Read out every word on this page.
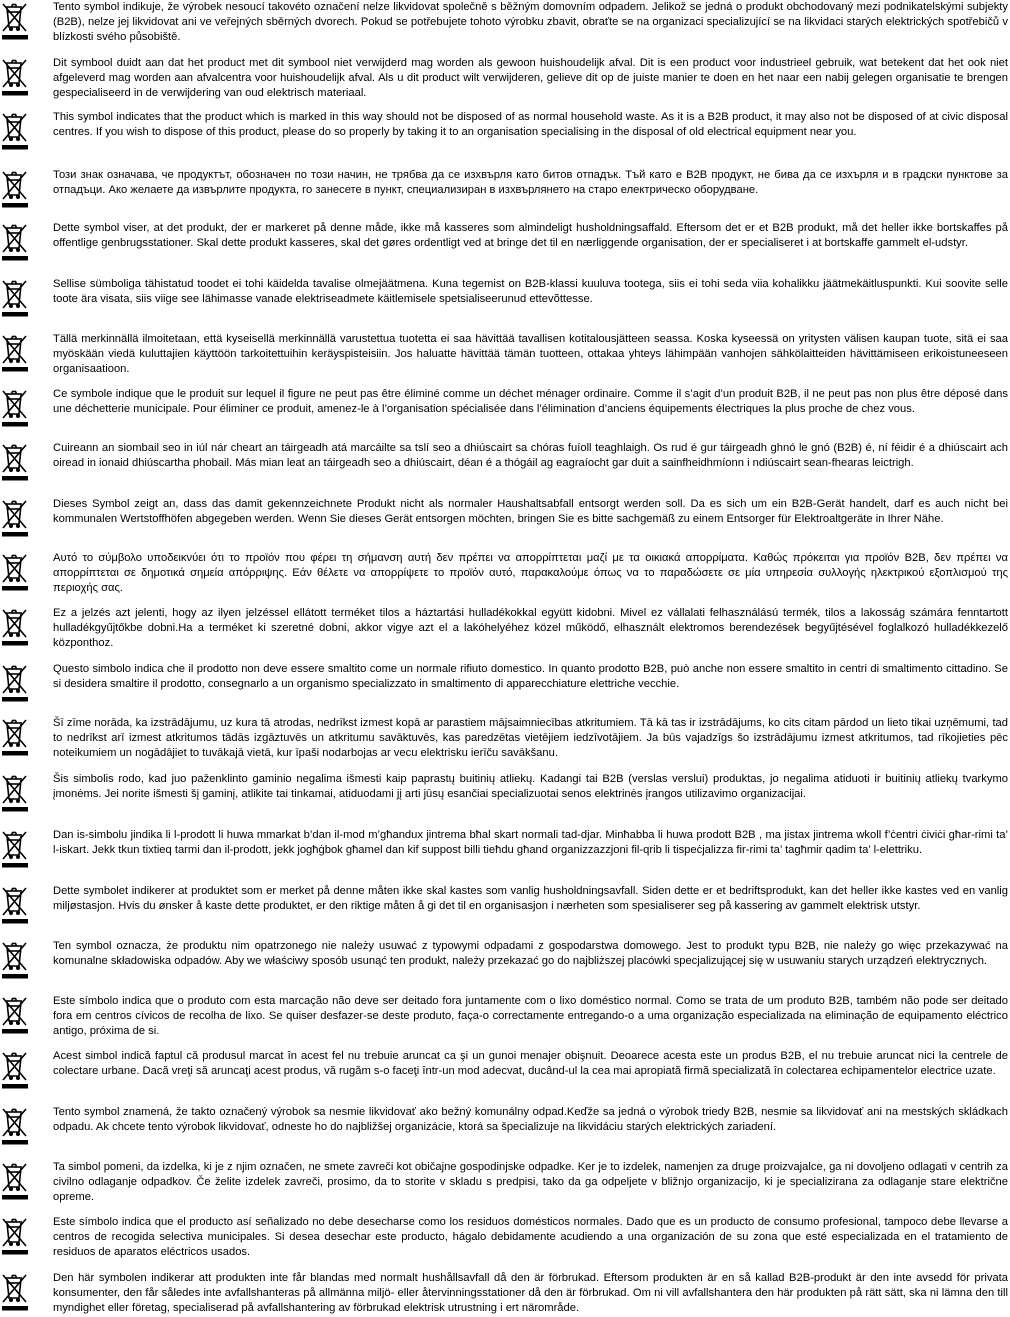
Tento symbol indikuje, že výrobek nesoucí takovéto označení nelze likvidovat společně s běžným domovním odpadem. Jelikož se jedná o produkt obchodovaný mezi podnikatelskými subjekty (B2B), nelze jej likvidovat ani ve veřejných sběrných dvorech. Pokud se potřebujete tohoto výrobku zbavit, obraťte se na organizaci specializující se na likvidaci starých elektrických spotřebičů v blízkosti svého působiště.

Dit symbool duidt aan dat het product met dit symbool niet verwijderd mag worden als gewoon huishoudelijk afval. Dit is een product voor industrieel gebruik, wat betekent dat het ook niet afgeleverd mag worden aan afvalcentra voor huishoudelijk afval. Als u dit product wilt verwijderen, gelieve dit op de juiste manier te doen en het naar een nabij gelegen organisatie te brengen gespecialiseerd in de verwijdering van oud elektrisch materiaal.

This symbol indicates that the product which is marked in this way should not be disposed of as normal household waste. As it is a B2B product, it may also not be disposed of at civic disposal centres. If you wish to dispose of this product, please do so properly by taking it to an organisation specialising in the disposal of old electrical equipment near you.

Този знак означава, че продуктът, обозначен по този начин, не трябва да се изхвърля като битов отпадък. Тъй като е B2B продукт, не бива да се изхърля и в градски пунктове за отпадъци. Ако желаете да извърлите продукта, го занесете в пункт, специализиран в изхвърлянето на старо електрическо оборудване.

Dette symbol viser, at det produkt, der er markeret på denne måde, ikke må kasseres som almindeligt husholdningsaffald. Eftersom det er et B2B produkt, må det heller ikke bortskaffes på offentlige genbrugsstationer. Skal dette produkt kasseres, skal det gøres ordentligt ved at bringe det til en nærliggende organisation, der er specialiseret i at bortskaffe gammelt el-udstyr.

Sellise sümboliga tähistatud toodet ei tohi käidelda tavalise olmejäätmena. Kuna tegemist on B2B-klassi kuuluva tootega, siis ei tohi seda viia kohalikku jäätmekäitluspunkti. Kui soovite selle toote ära visata, siis viige see lähimasse vanade elektriseadmete käitlemisele spetsialiseerunud ettevõttesse.

Tällä merkinnällä ilmoitetaan, että kyseisellä merkinnällä varustettua tuotetta ei saa hävittää tavallisen kotitalousjätteen seassa. Koska kyseessä on yritysten välisen kaupan tuote, sitä ei saa myöskään viedä kuluttajien käyttöön tarkoitettuihin keräyspisteisiin. Jos haluatte hävittää tämän tuotteen, ottakaa yhteys lähimpään vanhojen sähkölaitteiden hävittämiseen erikoistuneeseen organisaatioon.

Ce symbole indique que le produit sur lequel il figure ne peut pas être éliminé comme un déchet ménager ordinaire. Comme il s’agit d’un produit B2B, il ne peut pas non plus être déposé dans une déchetterie municipale. Pour éliminer ce produit, amenez-le à l’organisation spécialisée dans l’élimination d’anciens équipements électriques la plus proche de chez vous.

Cuireann an siombail seo in iúl nár cheart an táirgeadh atá marcáilte sa tslí seo a dhiúscairt sa chóras fuíoll teaghlaigh. Os rud é gur táirgeadh ghnó le gnó (B2B) é, ní féidir é a dhiúscairt ach oiread in ionaid dhiúscartha phobail. Más mian leat an táirgeadh seo a dhiúscairt, déan é a thógáil ag eagraíocht gar duit a sainfheidhmíonn i ndiúscairt sean-fhearas leictrigh.

Dieses Symbol zeigt an, dass das damit gekennzeichnete Produkt nicht als normaler Haushaltsabfall entsorgt werden soll. Da es sich um ein B2B-Gerät handelt, darf es auch nicht bei kommunalen Wertstoffhöfen abgegeben werden. Wenn Sie dieses Gerät entsorgen möchten, bringen Sie es bitte sachgemäß zu einem Entsorger für Elektroaltgeräte in Ihrer Nähe.

Αυτό το σύμβολο υποδεικνύει ότι το προϊόν που φέρει τη σήμανση αυτή δεν πρέπει να απορρίπτεται μαζί με τα οικιακά απορρίματα. Καθώς πρόκειται για προϊόν B2B, δεν πρέπει να απορρίπτεται σε δημοτικά σημεία απόρριψης. Εάν θέλετε να απορρίψετε το προϊόν αυτό, παρακαλούμε όπως να το παραδώσετε σε μία υπηρεσία συλλογής ηλεκτρικού εξοπλισμού της περιοχής σας.

Ez a jelzés azt jelenti, hogy az ilyen jelzéssel ellátott terméket tilos a háztartási hulladékokkal együtt kidobni. Mivel ez vállalati felhasználású termék, tilos a lakosság számára fenntartott hulladékgyűjtőkbe dobni.Ha a terméket ki szeretné dobni, akkor vigye azt el a lakóhelyéhez közel működő, elhasznált elektromos berendezések begyűjtésével foglalkozó hulladékkezelő központhoz.

Questo simbolo indica che il prodotto non deve essere smaltito come un normale rifiuto domestico. In quanto prodotto B2B, può anche non essere smaltito in centri di smaltimento cittadino. Se si desidera smaltire il prodotto, consegnarlo a un organismo specializzato in smaltimento di apparecchiature elettriche vecchie.

Šī zīme norāda, ka izstrādājumu, uz kura tā atrodas, nedrīkst izmest kopā ar parastiem mājsaimniecības atkritumiem. Tā kā tas ir izstrādājums, ko cits citam pārdod un lieto tikai uzņēmumi, tad to nedrīkst arī izmest atkritumos tādās izgāztuvēs un atkritumu savāktuvēs, kas paredzētas vietējiem iedzīvotājiem. Ja būs vajadzīgs šo izstrādājumu izmest atkritumos, tad rīkojieties pēc noteikumiem un nogādājiet to tuvākajā vietā, kur īpaši nodarbojas ar vecu elektrisku ierīču savākšanu.

Šis simbolis rodo, kad juo paženklinto gaminio negalima išmesti kaip paprastų buitinių atliekų. Kadangi tai B2B (verslas verslui) produktas, jo negalima atiduoti ir buitinių atliekų tvarkymo įmonėms. Jei norite išmesti šį gaminį, atlikite tai tinkamai, atiduodami jį arti jūsų esančiai specializuotai senos elektrinės įrangos utilizavimo organizacijai.

Dan is-simbolu jindika li l-prodott li huwa mmarkat b’dan il-mod m’għandux jintrema bħal skart normali tad-djar. Minħabba li huwa prodott B2B , ma jistax jintrema wkoll f’ċentri ċiviċi għar-rimi ta’ l-iskart. Jekk tkun tixtieq tarmi dan il-prodott, jekk jogħġbok għamel dan kif suppost billi tieħdu għand organizzazzjoni fil-qrib li tispeċjalizza fir-rimi ta’ tagħmir qadim ta’ l-elettriku.

Dette symbolet indikerer at produktet som er merket på denne måten ikke skal kastes som vanlig husholdningsavfall. Siden dette er et bedriftsprodukt, kan det heller ikke kastes ved en vanlig miljøstasjon. Hvis du ønsker å kaste dette produktet, er den riktige måten å gi det til en organisasjon i nærheten som spesialiserer seg på kassering av gammelt elektrisk utstyr.

Ten symbol oznacza, że produktu nim opatrzonego nie należy usuwać z typowymi odpadami z gospodarstwa domowego. Jest to produkt typu B2B, nie należy go więc przekazywać na komunalne składowiska odpadów. Aby we właściwy sposób usunąć ten produkt, należy przekazać go do najbliższej placówki specjalizującej się w usuwaniu starych urządzeń elektrycznych.

Este símbolo indica que o produto com esta marcação não deve ser deitado fora juntamente com o lixo doméstico normal. Como se trata de um produto B2B, também não pode ser deitado fora em centros cívicos de recolha de lixo. Se quiser desfazer-se deste produto, faça-o correctamente entregando-o a uma organização especializada na eliminação de equipamento eléctrico antigo, próxima de si.

Acest simbol indică faptul că produsul marcat în acest fel nu trebuie aruncat ca şi un gunoi menajer obişnuit. Deoarece acesta este un produs B2B, el nu trebuie aruncat nici la centrele de colectare urbane. Dacă vreţi să aruncaţi acest produs, vă rugăm s-o faceţi într-un mod adecvat, ducând-ul la cea mai apropiată firmă specializată în colectarea echipamentelor electrice uzate.

Tento symbol znamená, že takto označený výrobok sa nesmie likvidovať ako bežný komunálny odpad.Keďže sa jedná o výrobok triedy B2B, nesmie sa likvidovať ani na mestských skládkach odpadu. Ak chcete tento výrobok likvidovať, odneste ho do najbližšej organizácie, ktorá sa špecializuje na likvidáciu starých elektrických zariadení.

Ta simbol pomeni, da izdelka, ki je z njim označen, ne smete zavreči kot običajne gospodinjske odpadke. Ker je to izdelek, namenjen za druge proizvajalce, ga ni dovoljeno odlagati v centrih za civilno odlaganje odpadkov. Če želite izdelek zavreči, prosimo, da to storite v skladu s predpisi, tako da ga odpeljete v bližnjo organizacijo, ki je specializirana za odlaganje stare električne opreme.

Este símbolo indica que el producto así señalizado no debe desecharse como los residuos domésticos normales. Dado que es un producto de consumo profesional, tampoco debe llevarse a centros de recogida selectiva municipales. Si desea desechar este producto, hágalo debidamente acudiendo a una organización de su zona que esté especializada en el tratamiento de residuos de aparatos eléctricos usados.

Den här symbolen indikerar att produkten inte får blandas med normalt hushållsavfall då den är förbrukad. Eftersom produkten är en så kallad B2B-produkt är den inte avsedd för privata konsumenter, den får således inte avfallshanteras på allmänna miljö- eller återvinningsstationer då den är förbrukad. Om ni vill avfallshantera den här produkten på rätt sätt, ska ni lämna den till myndighet eller företag, specialiserad på avfallshantering av förbrukad elektrisk utrustning i ert närområde.
